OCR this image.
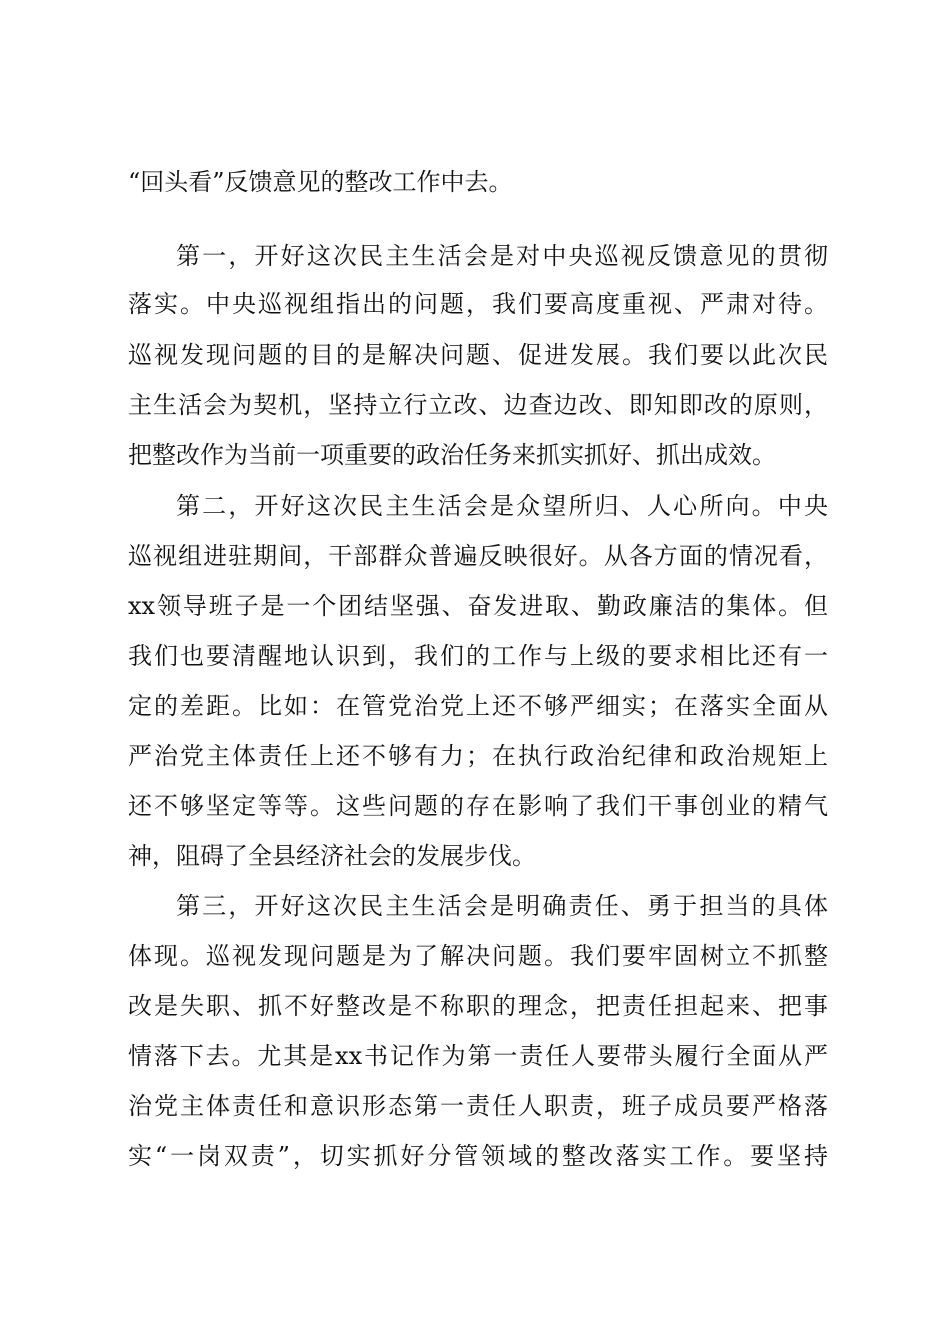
“回头看”反馈意见的整改工作中去。
第一，开好这次民主生活会是对中央巡视反馈意见的贯彻
落实。中央巡视组指出的问题，我们要高度重视、严肃对待。
巡视发现问题的目的是解决问题、促进发展。我们要以此次民
主生活会为契机，坚持立行立改、边查边改、即知即改的原则，
把整改作为当前一项重要的政治任务来抓实抓好、抓出成效。
第二，开好这次民主生活会是众望所归、人心所向。中央
巡视组进驻期间，干部群众普遍反映很好。从各方面的情况看，
xx领导班子是一个团结坚强、奋发进取、勤政廉洁的集体。但
我们也要清醒地认识到，我们的工作与上级的要求相比还有一
定的差距。比如：在管党治党上还不够严细实；在落实全面从
严治党主体责任上还不够有力；在执行政治纪律和政治规矩上
还不够坚定等等。这些问题的存在影响了我们干事创业的精气
神，阻碍了全县经济社会的发展步伐。
第三，开好这次民主生活会是明确责任、勇于担当的具体
体现。巡视发现问题是为了解决问题。我们要牢固树立不抓整
改是失职、抓不好整改是不称职的理念，把责任担起来、把事
情落下去。尤其是xx书记作为第一责任人要带头履行全面从严
治党主体责任和意识形态第一责任人职责，班子成员要严格落
实“一岗双责”，切实抓好分管领域的整改落实工作。要坚持
